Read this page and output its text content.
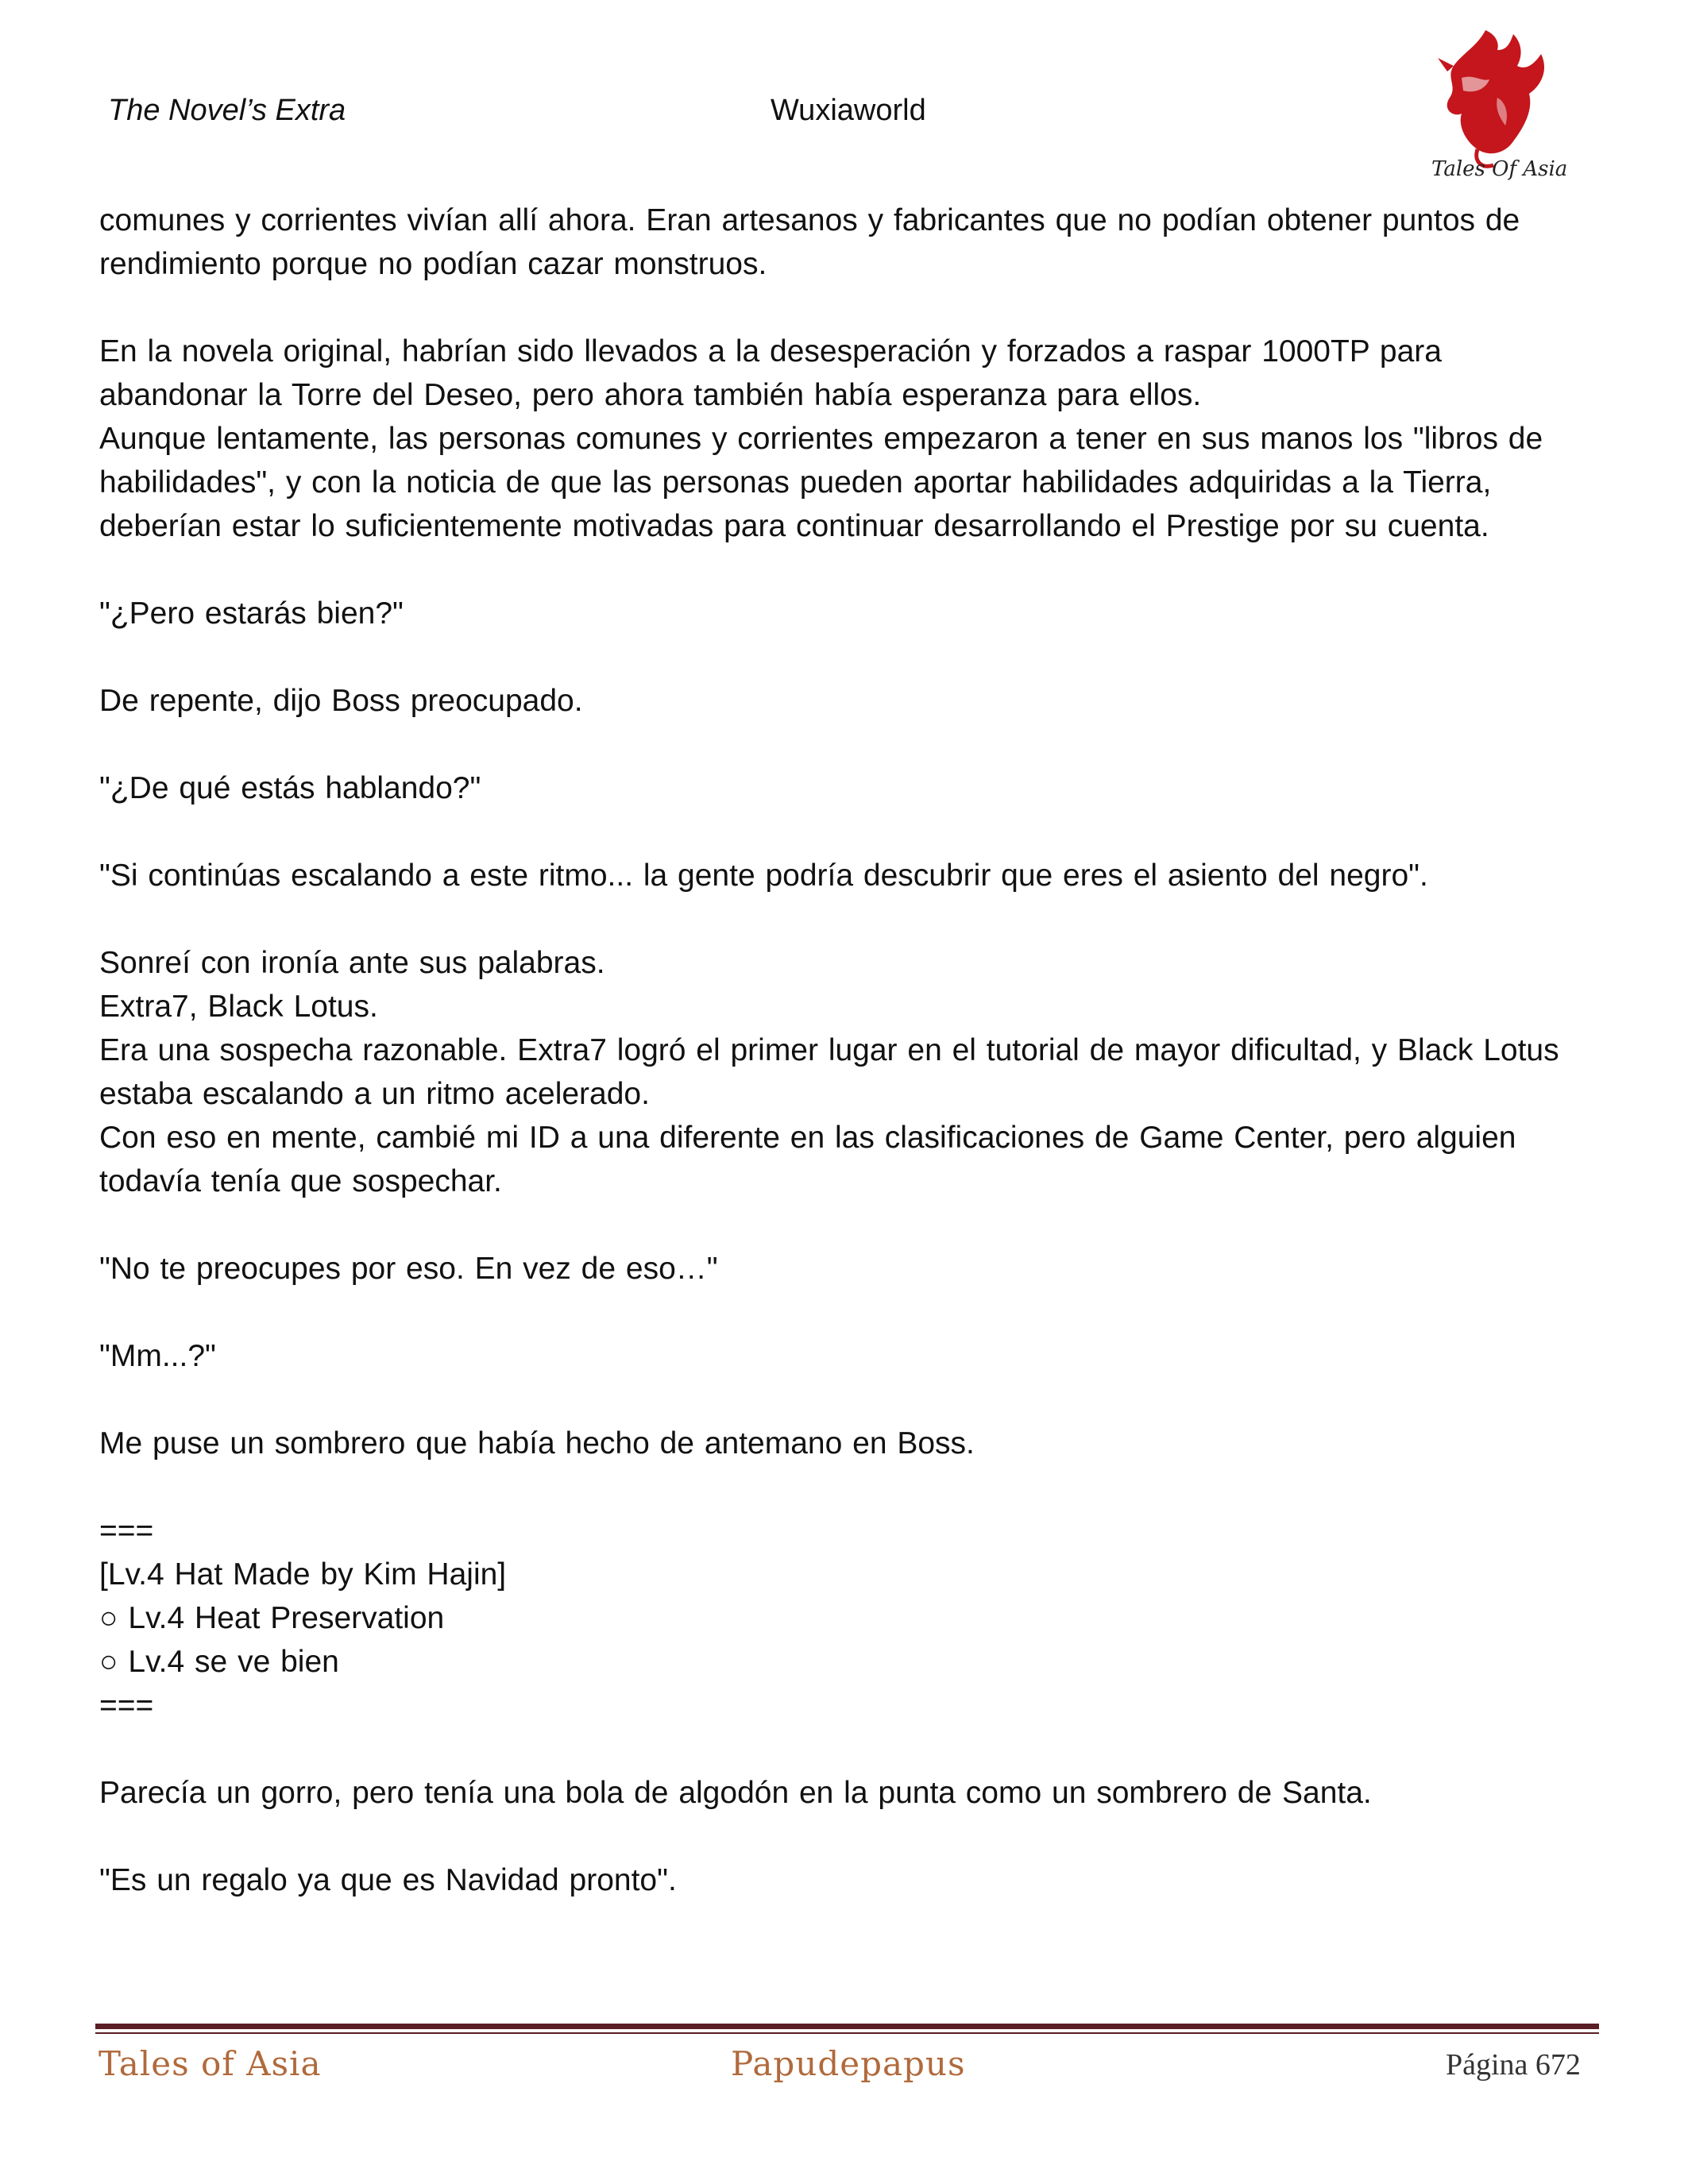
The Novel’s Extra	Wuxiaworld
Tales Of Asia

comunes y corrientes vivían allí ahora. Eran artesanos y fabricantes que no podían obtener puntos de rendimiento porque no podían cazar monstruos.

En la novela original, habrían sido llevados a la desesperación y forzados a raspar 1000TP para abandonar la Torre del Deseo, pero ahora también había esperanza para ellos.

Aunque lentamente, las personas comunes y corrientes empezaron a tener en sus manos los "libros de habilidades", y con la noticia de que las personas pueden aportar habilidades adquiridas a la Tierra, deberían estar lo suficientemente motivadas para continuar desarrollando el Prestige por su cuenta.

"¿Pero estarás bien?"

De repente, dijo Boss preocupado.

"¿De qué estás hablando?"

"Si continúas escalando a este ritmo... la gente podría descubrir que eres el asiento del negro".

Sonreí con ironía ante sus palabras.

Extra7, Black Lotus.

Era una sospecha razonable. Extra7 logró el primer lugar en el tutorial de mayor dificultad, y Black Lotus estaba escalando a un ritmo acelerado.

Con eso en mente, cambié mi ID a una diferente en las clasificaciones de Game Center, pero alguien todavía tenía que sospechar.

"No te preocupes por eso. En vez de eso…"

"Mm...?"

Me puse un sombrero que había hecho de antemano en Boss.

===

[Lv.4 Hat Made by Kim Hajin]

○ Lv.4 Heat Preservation

○ Lv.4 se ve bien

===

Parecía un gorro, pero tenía una bola de algodón en la punta como un sombrero de Santa.

"Es un regalo ya que es Navidad pronto".

Tales of Asia	Papudepapus	Página 672
